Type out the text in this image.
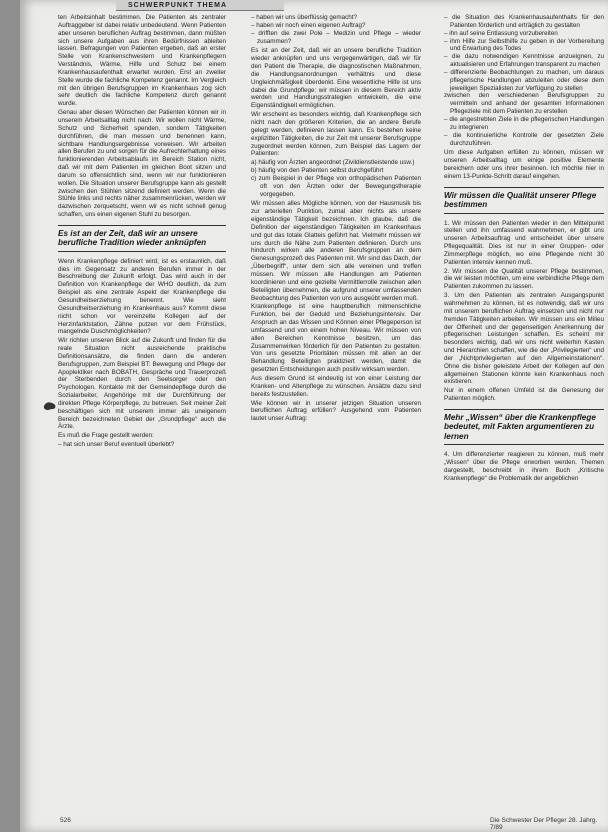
SCHWERPUNKT THEMA

ten Arbeitsinhalt bestimmen. Die Patienten als zentraler Auftraggeber ist dabei relativ unbedeutend. Wenn Patienten aber unseren beruflichen Auftrag bestimmen, dann müßten sich unsere Aufgaben aus ihren Bedürfnissen ableiten lassen. Befragungen von Patienten ergeben, daß an erster Stelle von Krankenschwestern und Krankenpflegern Verständnis, Wärme, Hilfe und Schutz bei einem Krankenhausaufenthalt erwartet wurden. Erst an zweiter Stelle wurde die fachliche Kompetenz genannt. Im Vergleich mit den übrigen Berufsgruppen im Krankenhaus zog sich sehr deutlich die fachliche Kompetenz durch genannt wurde.

Genau aber diesen Wünschen der Patienten können wir in unserem Arbeitsalltag nicht nach. Wir wollen nicht Wärme, Schutz und Sicherheit spenden, sondern Tätigkeiten durchführen, die man messen und benennen kann, sichtbare Handlungsergebnisse vorweisen. Wir arbeiten allen Berufen zu und sorgen für die Aufrechterhaltung eines funktionierenden Arbeitsablaufs im Bereich Station nicht, daß wir mit dem Patienten im gleichen Boot sitzen und darum so offensichtlich sind, wenn wir nur funktionieren wollen. Die Situation unserer Berufsgruppe kann als gestellt zwischen den Stühlen sitzend definiert werden. Wenn die Stühle links und rechts näher zusammenrücken, werden wir dazwischen zerquetscht, wenn wir es nicht schnell genug schaffen, uns einen eigenen Stuhl zu besorgen.

Es ist an der Zeit, daß wir an unsere berufliche Tradition wieder anknüpfen

Wenn Krankenpflege definiert wird, ist es erstaunlich, daß dies im Gegensatz zu anderen Berufen immer in der Beschreibung der Zukunft erfolgt. Das wird auch in der Definition von Krankenpflege der WHO deutlich, da zum Beispiel als eine zentrale Aspekt der Krankenpflege die Gesundheitserziehung benennt. Wie sieht Gesundheitserziehung im Krankenhaus aus? Kommt diese nicht schon vor vereinzelte Kollegen auf der Herzinfarktstation, Zähne putzen vor dem Frühstück, mangelnde Duschmöglichkeiten?

Wir richten unseren Blick auf die Zukunft und finden für die reale Situation nicht ausreichende praktische Definitionsansätze, die finden dann die anderen Berufsgruppen, zum Beispiel BT: Bewegung und Pflege der Apoplektiker nach BOBATH, Gespräche und Trauerprozeß der Sterbenden durch den Seelsorger oder den Psychologen. Kontakte mit der Gemeindepflege durch die Sozialarbeiter, Angehörige mit der Durchführung der direkten Pflege Körperpflege, zu betreuen. Seit meiner Zeit beschäftigen sich mit unserem immer als uneigenem Bereich bezeichneten Gebiet der „Grundpflege“ auch die Ärzte.

Es muß die Frage gestellt werden:

– hat sich unser Beruf eventuell überlebt?

– haben wir uns überflüssig gemacht?
– haben wir noch einen eigenen Auftrag?
– drifften die zwei Pole – Medizin und Pflege – wieder zusammen?

Es ist an der Zeit, daß wir an unsere berufliche Tradition wieder anknüpfen und uns vergegenwärtigen, daß wir für den Patient die Therapie, die diagnostischen Maßnahmen, die Handlungsanordnungen verhältnis und diese Ungleichmäßigkeit überdenkt. Eine wesentliche Hilfe ist uns dabei die Grundpflege: wir müssen in diesem Bereich aktiv werden und Handlungsstrategien entwickeln, die eine Eigenständigkeit ermöglichen.

Wir erscheint es besonders wichtig, daß Krankenpflege sich nicht nach den größeren Kriterien, die an andere Berufe gelegt werden, definieren lassen kann. Es bestehen keine explizitten Tätigkeiten, die zur Zeit mit unserer Berufsgruppe zugeordnet werden können, zum Beispiel das Lagern der Patienten:

a) häufig von Ärzten angeordnet (Zivildienstleistende usw.)
b) häufig von den Patienten selbst durchgeführt
c) zum Beispiel in der Pflege von orthopädischen Patienten oft von den Ärzten oder der Bewegungstherapie vorgegeben.

Wir müssen alles Mögliche können, von der Hausmusik bis zur arteriellen Punktion, zumal aber nichts als unsere eigenständige Tätigkeit bezeichnen. Ich glaube, daß die Definition der eigenständigen Tätigkeiten im Krankenhaus und gut das totale Glatteis geführt hat. Vielmehr müssen wir uns durch die Nähe zum Patienten definieren. Durch uns hindurch wirken alle anderen Berufsgruppen an dem Genesungsprozeß des Patienten mit. Wir sind das Dach, der „Überbegriff“, unter dem sich alle vereinen und treffen müssen. Wir müssen alle Handlungen am Patienten koordinieren und eine gezielte Vermittlerrolle zwischen allen Beteiligten übernehmen, die aufgrund unserer umfassenden Beobachtung des Patienten von uns ausgeübt werden muß.

Krankenpflege ist eine hauptberuflich mitmenschliche Funktion, bei der Geduld und Beziehungsintensiv. Der Anspruch an das Wissen und Können einer Pflegeperson ist umfassend und von einem hohen Niveau. Wir müssen von allen Bereichen Kenntnisse besitzen, um das Zusammenwirken förderlich für den Patienten zu gestalten. Von uns gesetzte Prioritäten müssen mit allen an der Behandlung Beteiligten praktiziert werden, damit die gesetzten Entscheidungen auch positiv wirksam werden.

Aus diesem Grund ist eindeutig ist von einer Leistung der Kranken- und Altenpflege zu wünschen. Ansätze dazu sind bereits festzustellen.

Wie können wir in unserer jetzigen Situation unseren beruflichen Auftrag erfüllen? Ausgehend vom Patienten lautet unser Auftrag:

– die Situation des Krankenhausaufenthalts für den Patienten förderlich und erträglich zu gestalten
– ihn auf seine Entlassung vorzubereiten
– ihm Hilfe zur Selbsthilfe zu geben in der Vorbereitung und Erwartung des Todes
– die dazu notwendigen Kenntnisse anzueignen, zu aktualisieren und Erfahrungen transparent zu machen
– differenzierte Beobachtungen zu machen, um daraus pflegerische Handlungen abzuleiten oder diese dem jeweiligen Spezialisten zur Verfügung zu stellen
zwischen den verschiedenen Berufsgruppen zu vermitteln und anhand der gesamten Informationen Pflegeziele mit dem Patienten zu erstellen
– die angestrebten Ziele in die pflegerischen Handlungen zu integrieren
– die kontinuierliche Kontrolle der gesetzten Ziele durchzuführen.

Um diese Aufgaben erfüllen zu können, müssen wir unseren Arbeitsalltag um einige positive Elemente bereichern oder uns ihrer besinnen. Ich möchte hier in einem 13-Punkte-Schritt darauf eingehen.

Wir müssen die Qualität unserer Pflege bestimmen

1. Wir müssen den Patienten wieder in den Mittelpunkt stellen und ihn umfassend wahrnehmen, er gibt uns unseren Arbeitsauftrag und entscheidet über unsere Pflegequalität. Dies ist nur in einer Gruppen- oder Zimmerpflege möglich, wo eine Pflegende nicht 30 Patienten intensiv kennen muß.

2. Wir müssen die Qualität unserer Pflege bestimmen, die wir leisten möchten, um eine verbindliche Pflege dem Patienten zukommen zu lassen.

3. Um den Patienten als zentralen Ausgangspunkt wahrnehmen zu können, ist es notwendig, daß wir uns mit unserem beruflichen Auftrag einsetzen und nicht nur fremden Tätigkeiten arbeiten. Wir müssen uns ein Milieu der Offenheit und der gegenseitigen Anerkennung der pflegerischen Leistungen schaffen. Es scheint mir besonders wichtig, daß wir uns nicht weiterhin Kasten und Hierarchien schaffen, wie die der „Privilegierten“ und der „Nichtprivilegierten auf den Allgemeinstationen“. Ohne die bisher geleistete Arbeit der Kollegen auf den allgemeinen Stationen könnte kein Krankenhaus noch existieren.

Nur in einem offenen Umfeld ist die Genesung der Patienten möglich.

Mehr „Wissen“ über die Krankenpflege bedeutet, mit Fakten argumentieren zu lernen

4. Um differenzierter reagieren zu können, muß mehr „Wissen“ über die Pflege erworben werden. Themen dargestellt, beschreibt in ihrem Buch „Kritische Krankenpflege“ die Problematik der angeblichen

526	Die Schwester Der Pfleger 28. Jahrg. 7/89
